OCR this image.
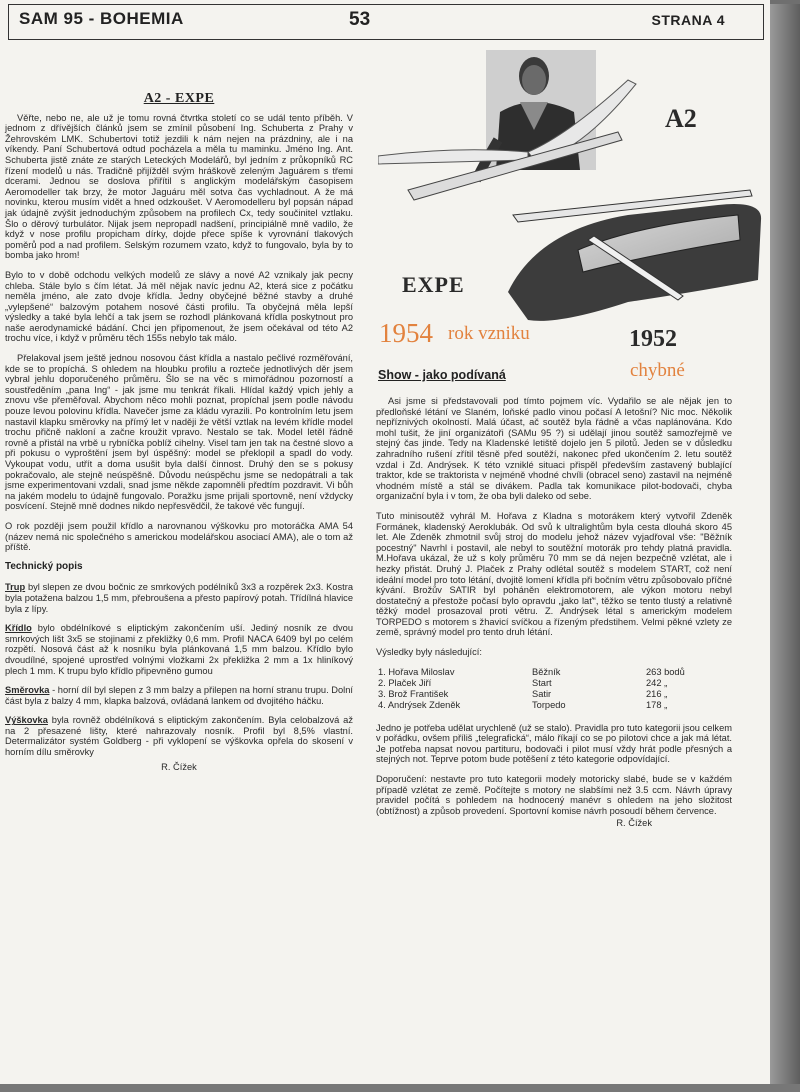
SAM 95 - BOHEMIA	53	STRANA 4
A2 - EXPE

Věřte, nebo ne, ale už je tomu rovná čtvrtka století co se udál tento příběh. V jednom z dřívějších článků jsem se zmínil působení Ing. Schuberta z Prahy v Žehrovském LMK. Schubertovi totiž jezdili k nám nejen na prázdniny, ale i na víkendy. Paní Schubertová odtud pocházela a měla tu maminku. Jméno Ing. Ant. Schuberta jistě znáte ze starých Leteckých Modelářů, byl jedním z průkopníků RC řízení modelů u nás. Tradičně přijížděl svým hráškově zeleným Jaguárem s třemi dcerami. Jednou se doslova přiřítil s anglickým modelářským časopisem Aeromodeller tak brzy, že motor Jaguáru měl sotva čas vychladnout. A že má novinku, kterou musím vidět a hned odzkoušet. V Aeromodelleru byl popsán nápad jak údajně zvýšit jednoduchým způsobem na profilech Cx, tedy součinitel vztlaku. Šlo o děrový turbulátor. Nijak jsem nepropadl nadšení, principiálně mně vadilo, že když v nose profilu propicham dírky, dojde přece spíše k vyrovnání tlakových poměrů pod a nad profilem. Selským rozumem vzato, když to fungovalo, byla by to bomba jako hrom!

Bylo to v době odchodu velkých modelů ze slávy a nové A2 vznikaly jak pecny chleba. Stále bylo s čím létat. Já měl nějak navíc jednu A2, která sice z počátku neměla jméno, ale zato dvoje křídla. Jedny obyčejné běžné stavby a druhé „vylepšené“ balzovým potahem nosové části profilu. Ta obyčejná měla lepší výsledky a také byla lehčí a tak jsem se rozhodl plánkovaná křídla poskytnout pro naše aerodynamické bádání. Chci jen připomenout, že jsem očekával od této A2 trochu více, i když v průměru těch 155s nebylo tak málo.

Přelakoval jsem ještě jednou nosovou část křídla a nastalo pečlivé rozměřování, kde se to propíchá. S ohledem na hloubku profilu a rozteče jednotlivých děr jsem vybral jehlu doporučeného průměru. Šlo se na věc s mimořádnou pozorností a soustředěním „pana Ing“ - jak jsme mu tenkrát říkali. Hlídal každý vpich jehly a znovu vše přeměřoval. Abychom něco mohli poznat, propíchal jsem podle návodu pouze levou polovinu křídla. Navečer jsme za kládu vyrazili. Po kontrolním letu jsem nastavil klapku směrovky na přímý let v naději že větší vztlak na levém křídle model trochu přičně nakloní a začne kroužit vpravo. Nestalo se tak. Model letěl řádně rovně a přistál na vrbě u rybníčka poblíž cihelny. Visel tam jen tak na čestné slovo a při pokusu o vyproštění jsem byl úspěšný: model se překlopil a spadl do vody. Vykoupat vodu, utřít a doma usušit byla další činnost. Druhý den se s pokusy pokračovalo, ale stejně neúspěšně. Důvodu neúspěchu jsme se nedopátrali a tak jsme experimentovani vzdali, snad jsme někde zapomněli předtím pozdravit. Vi bůh na jakém modelu to údajně fungovalo. Poražku jsme prijali sportovně, není vždycky posvícení. Stejně mně dodnes nikdo nepřesvědčil, že takové věc fungují.

O rok později jsem použil křídlo a narovnanou výškovku pro motoráčka AMA 54 (název nemá nic společného s americkou modelářskou asociací AMA), ale o tom až příště.

Technický popis

Trup byl slepen ze dvou bočnic ze smrkových podélníků 3x3 a rozpěrek 2x3. Kostra byla potažena balzou 1,5 mm, přebroušena a přesto papírový potah. Třídílná hlavice byla z lípy.

Křídlo bylo obdélníkové s eliptickým zakončením uší. Jediný nosník ze dvou smrkových lišt 3x5 se stojinami z překližky 0,6 mm. Profil NACA 6409 byl po celém rozpětí. Nosová část až k nosníku byla plánkovaná 1,5 mm balzou. Křídlo bylo dvoudílné, spojené uprostřed volnými vložkami 2x překližka 2 mm a 1x hliníkový plech 1 mm. K trupu bylo křídlo připevněno gumou

Směrovka - horní díl byl slepen z 3 mm balzy a přilepen na horní stranu trupu. Dolní část byla z balzy 4 mm, klapka balzová, ovládaná lankem od dvojitého háčku.

Výškovka byla rovněž obdélníková s eliptickým zakončením. Byla celobalzová až na 2 přesazené lišty, které nahrazovaly nosník. Profil byl 8,5% vlastní. Determalizátor systém Goldberg - při vyklopení se výškovka opřela do skosení v horním dílu směrovky

R. Čížek
A2
EXPE
1954 rok vzniku	1952
chybné
Show - jako podívaná

Asi jsme si představovali pod tímto pojmem víc. Vydařilo se ale nějak jen to předloňské létání ve Slaném, loňské padlo vinou počasí A letošní? Nic moc. Několik nepříznivých okolností. Malá účast, ač soutěž byla řádně a včas naplánována. Kdo mohl tušit, že jiní organizátoři (SAMu 95 ?) si udělají jinou soutěž samozřejmě ve stejný čas jinde. Tedy na Kladenské letiště dojelo jen 5 pilotů. Jeden se v důsledku zahradního rušení zřítil těsně před soutěží, nakonec před ukončením 2. letu soutěž vzdal i Zd. Andrýsek. K této vzniklé situaci přispěl především zastavený bublající traktor, kde se traktorista v nejméně vhodné chvíli (obracel seno) zastavil na nejméně vhodném místě a stál se divákem. Padla tak komunikace pilot-bodovači, chyba organizační byla i v tom, že oba byli daleko od sebe.

Tuto minisoutěž vyhrál M. Hořava z Kladna s motorákem který vytvořil Zdeněk Formánek, kladenský Aeroklubák. Od svů k ultralightům byla cesta dlouhá skoro 45 let. Ale Zdeněk zhmotnil svůj stroj do modelu jehož název vyjadřoval vše: "Běžník pocestný" Navrhl i postavil, ale nebyl to soutěžní motorák pro tehdy platná pravidla. M.Hořava ukázal, že už s koly průměru 70 mm se dá nejen bezpečně vzlétat, ale i hezky přistát. Druhý J. Plaček z Prahy odlétal soutěž s modelem START, což není ideální model pro toto létání, dvojitě lomení křídla při bočním větru způsobovalo příčné kývání. Brožův SATIR byl poháněn elektromotorem, ale výkon motoru nebyl dostatečný a přestože počasí bylo opravdu „jako lať“, těžko se tento tlustý a relativně těžký model prosazoval proti větru. Z. Andrýsek létal s americkým modelem TORPEDO s motorem s žhavicí svíčkou a řízeným předstihem. Velmi pěkné vzlety ze země, správný model pro tento druh létání.

Výsledky byly následující:

1. Hořava Miloslav	Běžník	263 bodů
2. Plaček Jiří	Start	242 „
3. Brož František	Satir	216 „
4. Andrýsek Zdeněk	Torpedo	178 „

Jedno je potřeba udělat urychleně (už se stalo). Pravidla pro tuto kategorii jsou celkem v pořádku, ovšem příliš „telegrafická“, málo říkají co se po pilotovi chce a jak má létat. Je potřeba napsat novou partituru, bodovači i pilot musí vždy hrát podle přesných a stejných not. Teprve potom bude potěšení z této kategorie odpovídající.

Doporučení: nestavte pro tuto kategorii modely motoricky slabé, bude se v každém případě vzlétat ze země. Počítejte s motory ne slabšími než 3.5 ccm. Návrh úpravy pravidel počítá s pohledem na hodnocený manévr s ohledem na jeho složitost (obtížnost) a způsob provedení. Sportovní komise návrh posoudí během července.

R. Čížek
